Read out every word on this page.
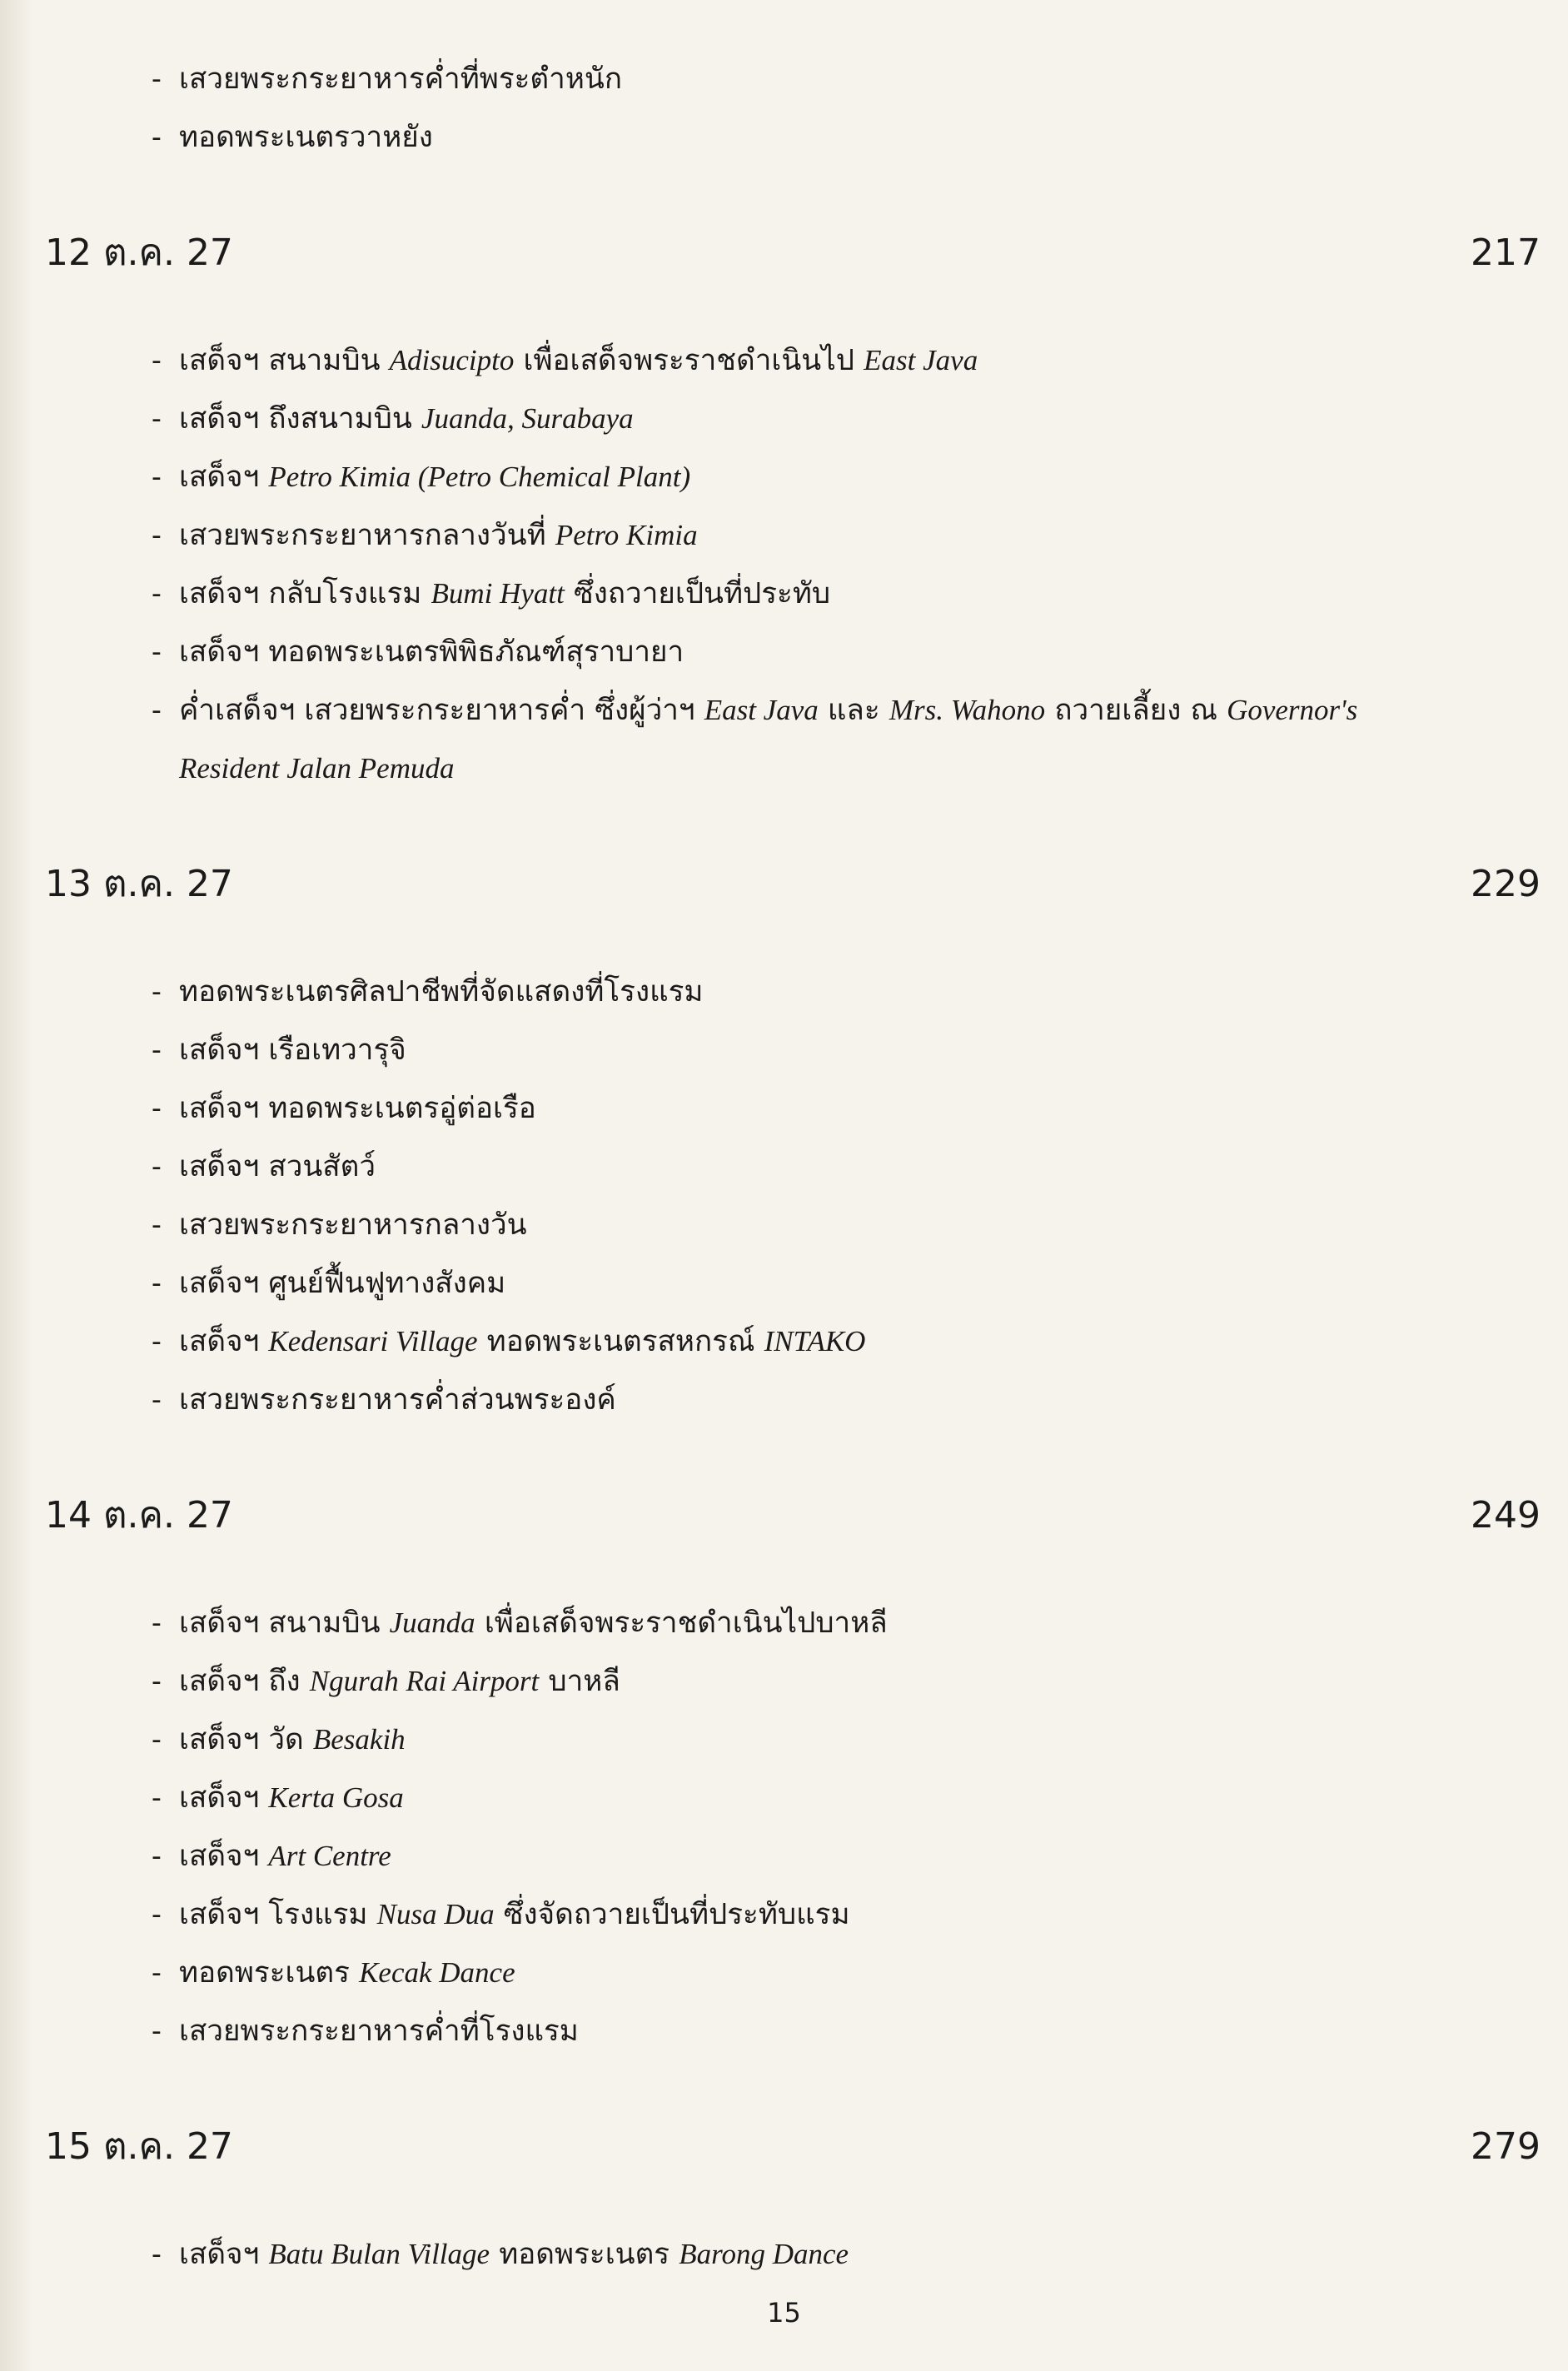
- เสวยพระกระยาหารค่ำที่พระตำหนัก

- ทอดพระเนตรวาหยัง

12 ต.ค. 27	217

- เสด็จฯ สนามบิน Adisucipto เพื่อเสด็จพระราชดำเนินไป East Java

- เสด็จฯ ถึงสนามบิน Juanda, Surabaya

- เสด็จฯ Petro Kimia (Petro Chemical Plant)

- เสวยพระกระยาหารกลางวันที่ Petro Kimia

- เสด็จฯ กลับโรงแรม Bumi Hyatt ซึ่งถวายเป็นที่ประทับ

- เสด็จฯ ทอดพระเนตรพิพิธภัณฑ์สุราบายา

- ค่ำเสด็จฯ เสวยพระกระยาหารค่ำ ซึ่งผู้ว่าฯ East Java และ Mrs. Wahono ถวายเลี้ยง ณ Governor's
Resident Jalan Pemuda

13 ต.ค. 27	229

- ทอดพระเนตรศิลปาชีพที่จัดแสดงที่โรงแรม

- เสด็จฯ เรือเทวารุจิ

- เสด็จฯ ทอดพระเนตรอู่ต่อเรือ

- เสด็จฯ สวนสัตว์

- เสวยพระกระยาหารกลางวัน

- เสด็จฯ ศูนย์ฟื้นฟูทางสังคม

- เสด็จฯ Kedensari Village ทอดพระเนตรสหกรณ์ INTAKO

- เสวยพระกระยาหารค่ำส่วนพระองค์

14 ต.ค. 27	249

- เสด็จฯ สนามบิน Juanda เพื่อเสด็จพระราชดำเนินไปบาหลี

- เสด็จฯ ถึง Ngurah Rai Airport บาหลี

- เสด็จฯ วัด Besakih

- เสด็จฯ Kerta Gosa

- เสด็จฯ Art Centre

- เสด็จฯ โรงแรม Nusa Dua ซึ่งจัดถวายเป็นที่ประทับแรม

- ทอดพระเนตร Kecak Dance

- เสวยพระกระยาหารค่ำที่โรงแรม

15 ต.ค. 27	279

- เสด็จฯ Batu Bulan Village ทอดพระเนตร Barong Dance

15
